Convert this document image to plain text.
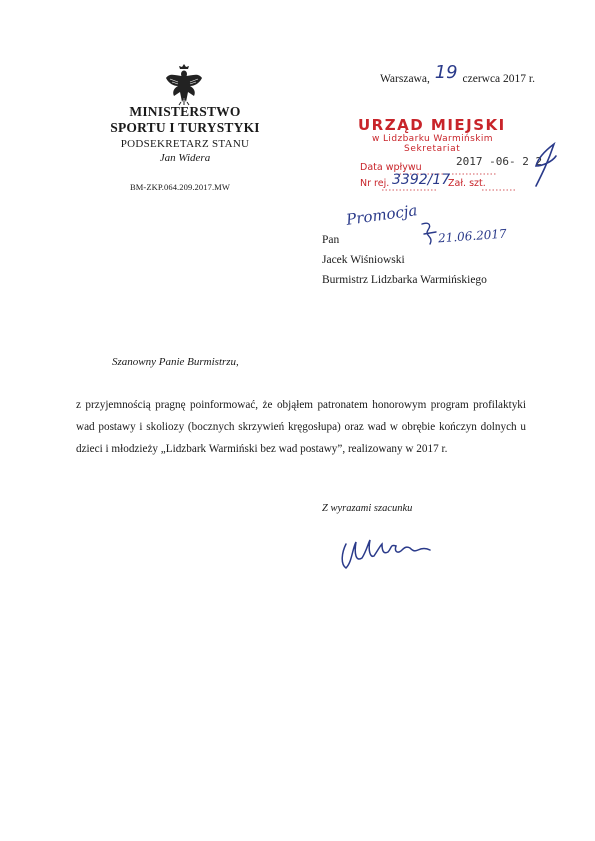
MINISTERSTWO
SPORTU I TURYSTYKI
PODSEKRETARZ STANU
Jan Widera
BM-ZKP.064.209.2017.MW
Warszawa, 19 czerwca 2017 r.
URZĄD MIEJSKI
w Lidzbarku Warmińskim
Sekretariat
Data wpływu	2017 -06- 2 2
Nr rej. 3392/17
Zał. szt.
Promocja
21.06.2017
Pan
Jacek Wiśniowski
Burmistrz Lidzbarka Warmińskiego
Szanowny Panie Burmistrzu,
z przyjemnością pragnę poinformować, że objąłem patronatem honorowym program profilaktyki wad postawy i skoliozy (bocznych skrzywień kręgosłupa) oraz wad w obrębie kończyn dolnych u dzieci i młodzieży „Lidzbark Warmiński bez wad postawy”, realizowany w 2017 r.
Z wyrazami szacunku
